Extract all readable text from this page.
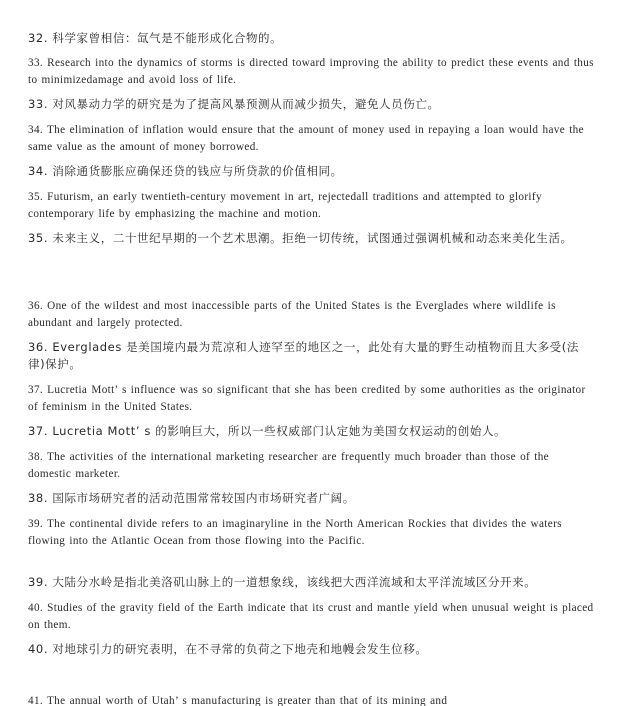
32. 科学家曾相信：氙气是不能形成化合物的。

33. Research into the dynamics of storms is directed toward improving the ability to predict these events and thus to minimizedamage and avoid loss of life.

33. 对风暴动力学的研究是为了提高风暴预测从而减少损失，避免人员伤亡。

34. The elimination of inflation would ensure that the amount of money used in repaying a loan would have the same value as the amount of money borrowed.

34. 消除通货膨胀应确保还贷的钱应与所贷款的价值相同。

35. Futurism, an early twentieth-century movement in art, rejectedall traditions and attempted to glorify contemporary life by emphasizing the machine and motion.

35. 未来主义，二十世纪早期的一个艺术思潮。拒绝一切传统，试图通过强调机械和动态来美化生活。

36. One of the wildest and most inaccessible parts of the United States is the Everglades where wildlife is abundant and largely protected.

36. Everglades 是美国境内最为荒凉和人迹罕至的地区之一，此处有大量的野生动植物而且大多受(法律)保护。

37. Lucretia Mott’ s influence was so significant that she has been credited by some authorities as the originator of feminism in the United States.

37. Lucretia Mott’ s 的影响巨大，所以一些权威部门认定她为美国女权运动的创始人。

38. The activities of the international marketing researcher are frequently much broader than those of the domestic marketer.

38. 国际市场研究者的活动范围常常较国内市场研究者广阔。

39. The continental divide refers to an imaginaryline in the North American Rockies that divides the waters flowing into the Atlantic Ocean from those flowing into the Pacific.

39. 大陆分水岭是指北美洛矶山脉上的一道想象线，该线把大西洋流域和太平洋流域区分开来。

40. Studies of the gravity field of the Earth indicate that its crust and mantle yield when unusual weight is placed on them.

40. 对地球引力的研究表明，在不寻常的负荷之下地壳和地幔会发生位移。

41. The annual worth of Utah’ s manufacturing is greater than that of its mining and
